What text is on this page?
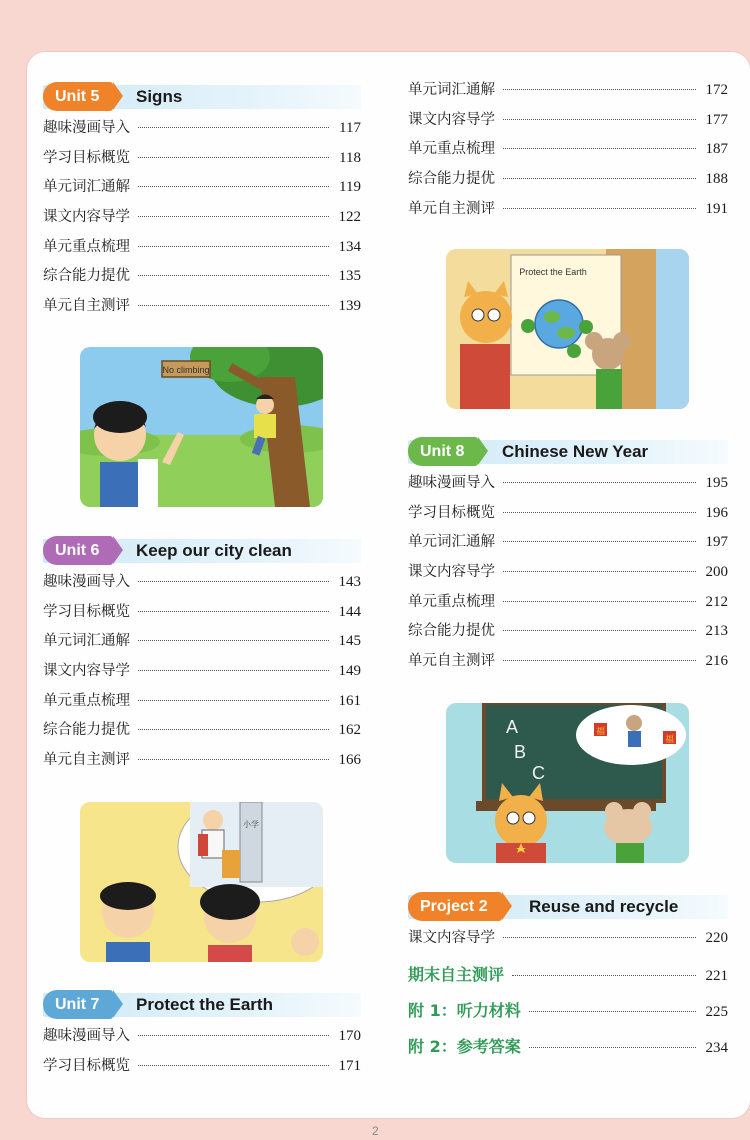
Unit 5	Signs
趣味漫画导入	117
学习目标概览	118
单元词汇通解	119
课文内容导学	122
单元重点梳理	134
综合能力提优	135
单元自主测评	139
Unit 6	Keep our city clean
趣味漫画导入	143
学习目标概览	144
单元词汇通解	145
课文内容导学	149
单元重点梳理	161
综合能力提优	162
单元自主测评	166
Unit 7	Protect the Earth
趣味漫画导入	170
学习目标概览	171
单元词汇通解	172
课文内容导学	177
单元重点梳理	187
综合能力提优	188
单元自主测评	191
Unit 8	Chinese New Year
趣味漫画导入	195
学习目标概览	196
单元词汇通解	197
课文内容导学	200
单元重点梳理	212
综合能力提优	213
单元自主测评	216
Project 2	Reuse and recycle
课文内容导学	220
期末自主测评	221
附 1：听力材料	225
附 2：参考答案	234
No climbing
小学
Protect the Earth
A
B
C
福
福
2
